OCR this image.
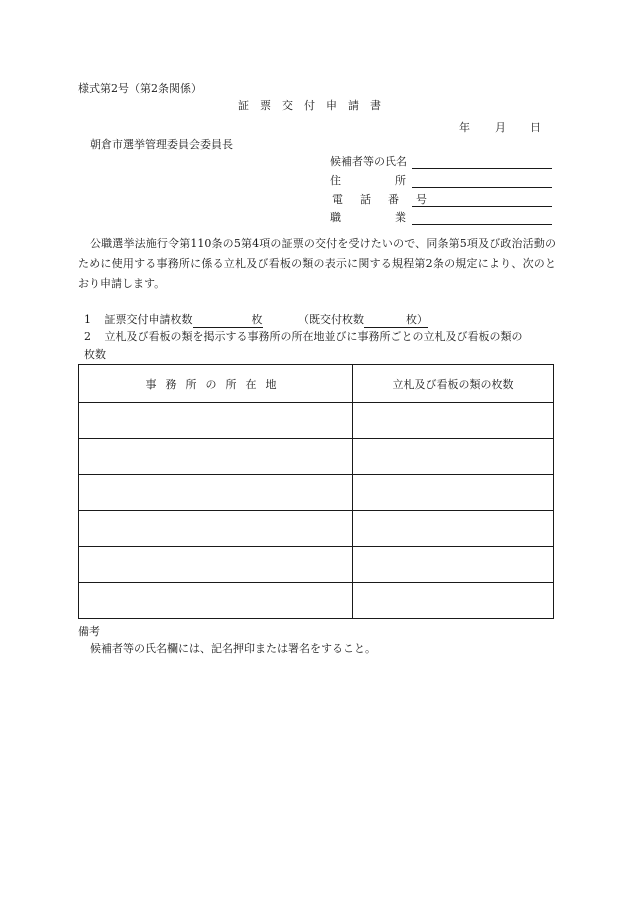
様式第2号（第2条関係）
証票交付申請書
年 月 日
朝倉市選挙管理委員会委員長
候補者等の氏名
住所
電話番号
職業
公職選挙法施行令第110条の5第4項の証票の交付を受けたいので、同条第5項及び政治活動のために使用する事務所に係る立札及び看板の類の表示に関する規程第2条の規定により、次のとおり申請します。
1 証票交付申請枚数	枚	（既交付枚数	枚）
2 立札及び看板の類を掲示する事務所の所在地並びに事務所ごとの立札及び看板の類の
枚数
事務所の所在地	立札及び看板の類の枚数

備考
候補者等の氏名欄には、記名押印または署名をすること。
